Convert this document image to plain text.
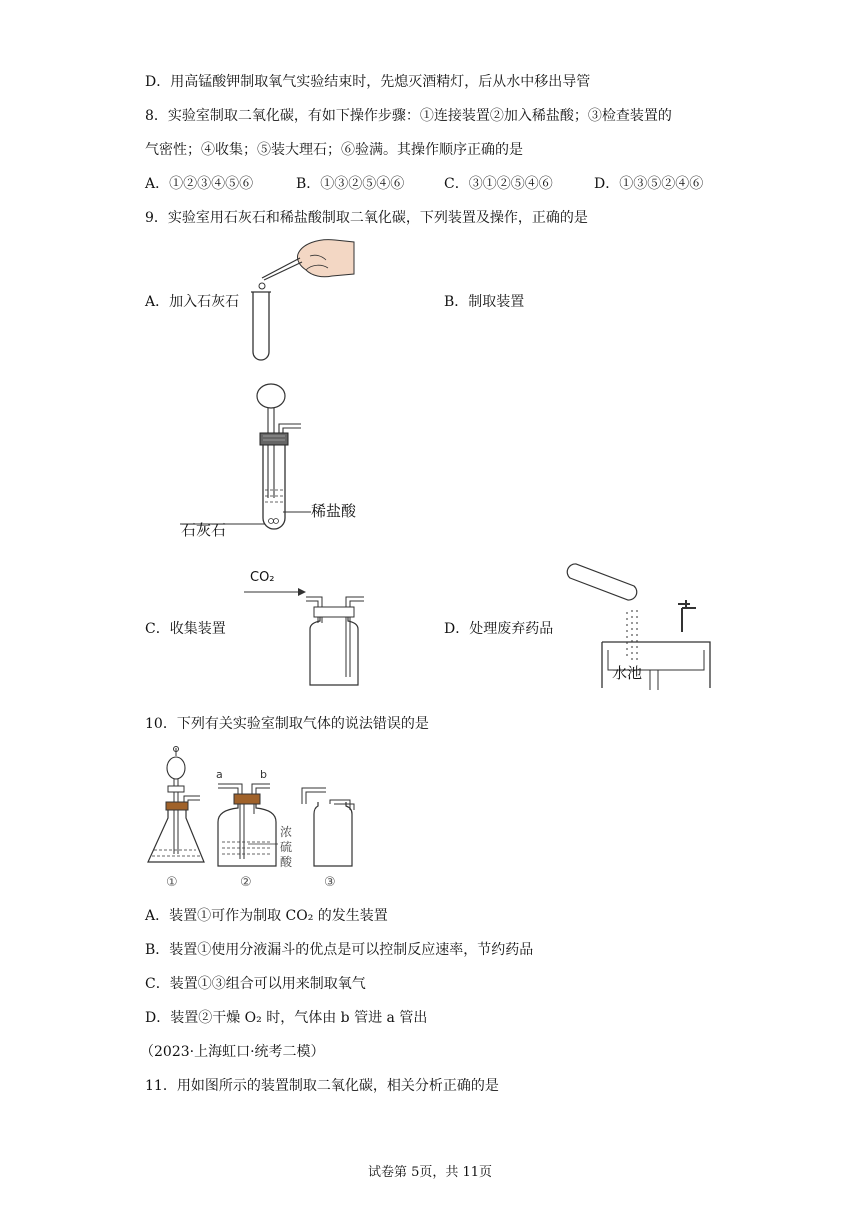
D．用高锰酸钾制取氧气实验结束时，先熄灭酒精灯，后从水中移出导管
8．实验室制取二氧化碳，有如下操作步骤：①连接装置②加入稀盐酸；③检查装置的
气密性；④收集；⑤装大理石；⑥验满。其操作顺序正确的是
A．①②③④⑤⑥	B．①③②⑤④⑥	C．③①②⑤④⑥	D．①③⑤②④⑥
9．实验室用石灰石和稀盐酸制取二氧化碳，下列装置及操作，正确的是
A．加入石灰石	B．制取装置
稀盐酸
石灰石
C．收集装置	D．处理废弃药品
CO₂
水池
10．下列有关实验室制取气体的说法错误的是
①
a	b
浓
硫
酸
②	③
A．装置①可作为制取 CO₂ 的发生装置
B．装置①使用分液漏斗的优点是可以控制反应速率，节约药品
C．装置①③组合可以用来制取氧气
D．装置②干燥 O₂ 时，气体由 b 管进 a 管出
（2023·上海虹口·统考二模）
11．用如图所示的装置制取二氧化碳，相关分析正确的是
试卷第 5页，共 11页
